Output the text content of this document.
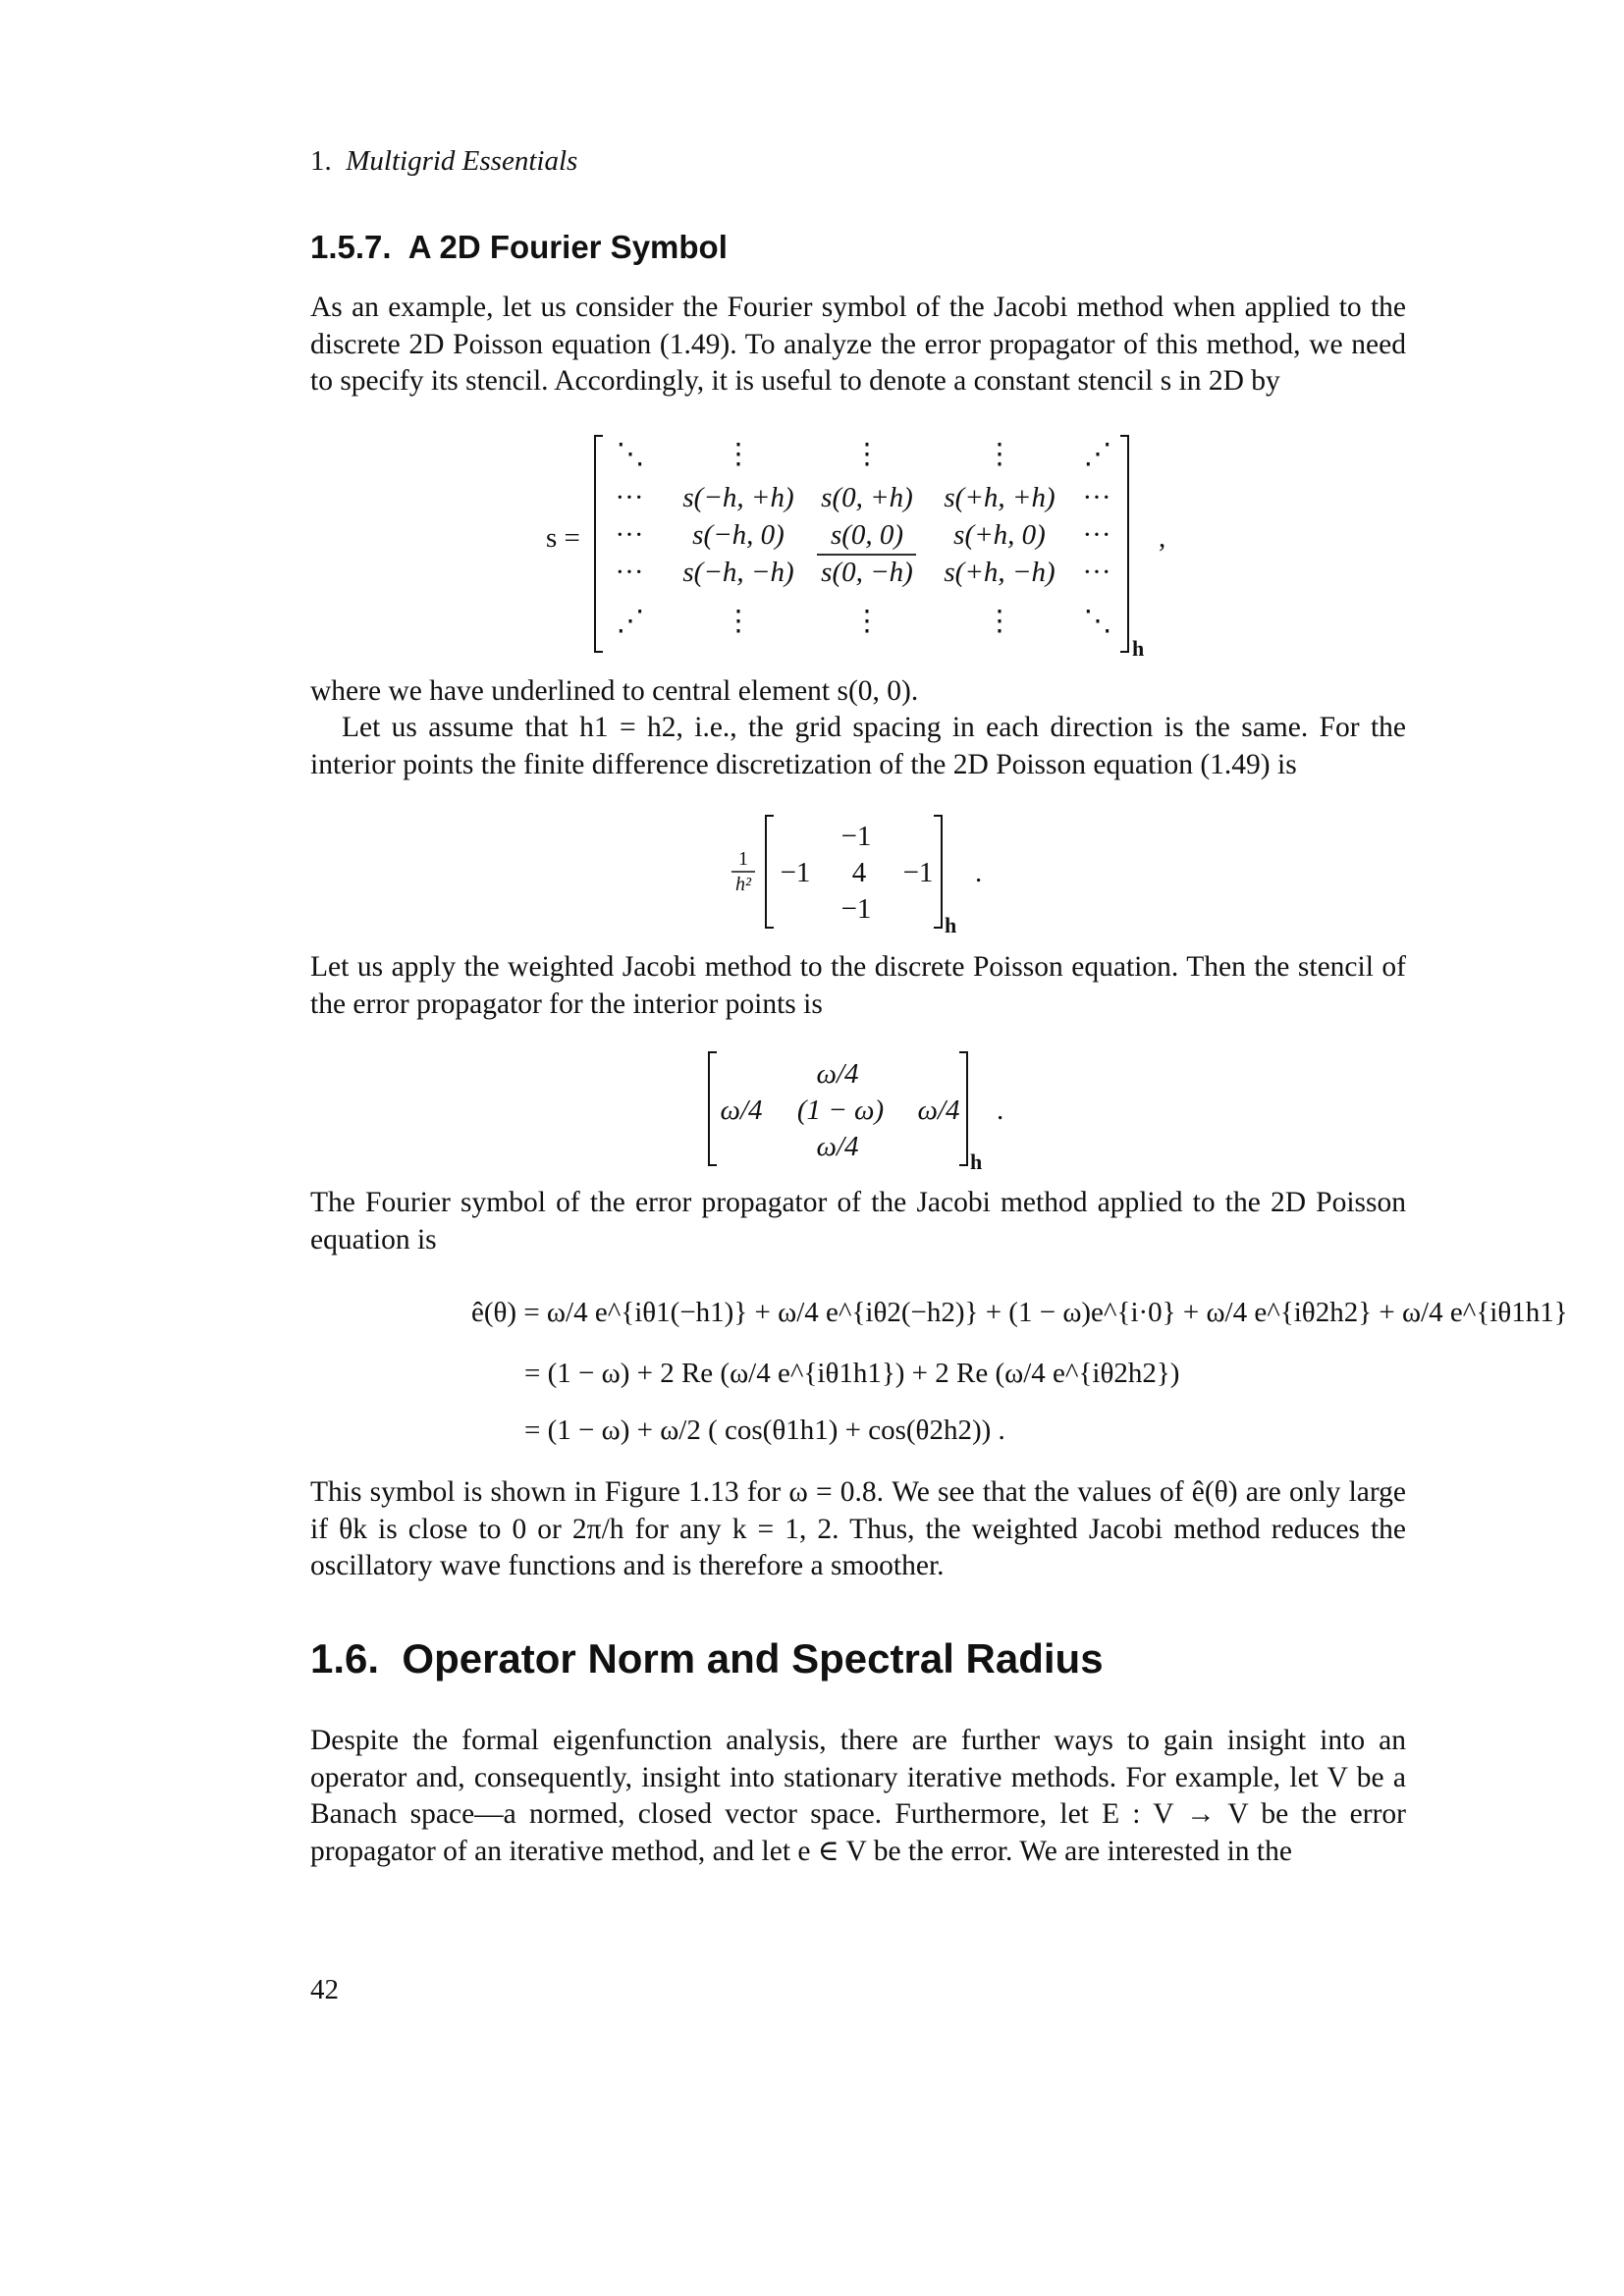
1. Multigrid Essentials
1.5.7. A 2D Fourier Symbol

As an example, let us consider the Fourier symbol of the Jacobi method when applied to the discrete 2D Poisson equation (1.49). To analyze the error propagator of this method, we need to specify its stencil. Accordingly, it is useful to denote a constant stencil s in 2D by

s =
⋱	⋮	⋮	⋮ ⋰
··· s(−h, +h) s(0, +h) s(+h, +h) ···
··· s(−h, 0) s(0, 0) s(+h, 0) ···
··· s(−h, −h) s(0, −h) s(+h, −h) ···
⋰	⋮	⋮	⋮ ⋱
h
,

where we have underlined to central element s(0, 0).

Let us assume that h1 = h2, i.e., the grid spacing in each direction is the same. For the interior points the finite difference discretization of the 2D Poisson equation (1.49) is

1
h²
−1
−1 4 −1
−1
h
.

Let us apply the weighted Jacobi method to the discrete Poisson equation. Then the stencil of the error propagator for the interior points is

ω/4
ω/4 (1 − ω) ω/4
ω/4	h
.

The Fourier symbol of the error propagator of the Jacobi method applied to the 2D Poisson equation is

ê(θ) = ω/4 e^{iθ1(−h1)} + ω/4 e^{iθ2(−h2)} + (1 − ω)e^{i·0} + ω/4 e^{iθ2h2} + ω/4 e^{iθ1h1}
= (1 − ω) + 2 Re (ω/4 e^{iθ1h1}) + 2 Re (ω/4 e^{iθ2h2})
= (1 − ω) + ω/2 ( cos(θ1h1) + cos(θ2h2)) .

This symbol is shown in Figure 1.13 for ω = 0.8. We see that the values of ê(θ) are only large if θk is close to 0 or 2π/h for any k = 1, 2. Thus, the weighted Jacobi method reduces the oscillatory wave functions and is therefore a smoother.

1.6. Operator Norm and Spectral Radius

Despite the formal eigenfunction analysis, there are further ways to gain insight into an operator and, consequently, insight into stationary iterative methods. For example, let V be a Banach space—a normed, closed vector space. Furthermore, let E : V → V be the error propagator of an iterative method, and let e ∈ V be the error. We are interested in the

42
